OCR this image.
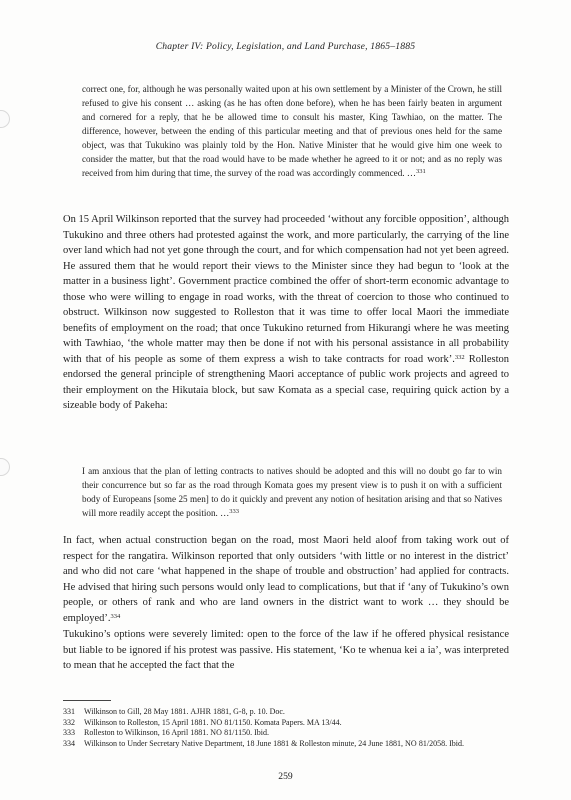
Chapter IV: Policy, Legislation, and Land Purchase, 1865–1885

correct one, for, although he was personally waited upon at his own settlement by a Minister of the Crown, he still refused to give his consent … asking (as he has often done before), when he has been fairly beaten in argument and cornered for a reply, that he be allowed time to consult his master, King Tawhiao, on the matter. The difference, however, between the ending of this particular meeting and that of previous ones held for the same object, was that Tukukino was plainly told by the Hon. Native Minister that he would give him one week to consider the matter, but that the road would have to be made whether he agreed to it or not; and as no reply was received from him during that time, the survey of the road was accordingly commenced. …$^{331}$

On 15 April Wilkinson reported that the survey had proceeded ‘without any forcible opposition’, although Tukukino and three others had protested against the work, and more particularly, the carrying of the line over land which had not yet gone through the court, and for which compensation had not yet been agreed. He assured them that he would report their views to the Minister since they had begun to ‘look at the matter in a business light’. Government practice combined the offer of short-term economic advantage to those who were willing to engage in road works, with the threat of coercion to those who continued to obstruct. Wilkinson now suggested to Rolleston that it was time to offer local Maori the immediate benefits of employment on the road; that once Tukukino returned from Hikurangi where he was meeting with Tawhiao, ‘the whole matter may then be done if not with his personal assistance in all probability with that of his people as some of them express a wish to take contracts for road work’.$^{332}$ Rolleston endorsed the general principle of strengthening Maori acceptance of public work projects and agreed to their employment on the Hikutaia block, but saw Komata as a special case, requiring quick action by a sizeable body of Pakeha:

I am anxious that the plan of letting contracts to natives should be adopted and this will no doubt go far to win their concurrence but so far as the road through Komata goes my present view is to push it on with a sufficient body of Europeans [some 25 men] to do it quickly and prevent any notion of hesitation arising and that so Natives will more readily accept the position. …$^{333}$

In fact, when actual construction began on the road, most Maori held aloof from taking work out of respect for the rangatira. Wilkinson reported that only outsiders ‘with little or no interest in the district’ and who did not care ‘what happened in the shape of trouble and obstruction’ had applied for contracts. He advised that hiring such persons would only lead to complications, but that if ‘any of Tukukino’s own people, or others of rank and who are land owners in the district want to work … they should be employed’.$^{334}$

Tukukino’s options were severely limited: open to the force of the law if he offered physical resistance but liable to be ignored if his protest was passive. His statement, ‘Ko te whenua kei a ia’, was interpreted to mean that he accepted the fact that the

331	Wilkinson to Gill, 28 May 1881. AJHR 1881, G-8, p. 10. Doc.
332	Wilkinson to Rolleston, 15 April 1881. NO 81/1150. Komata Papers. MA 13/44.
333	Rolleston to Wilkinson, 16 April 1881. NO 81/1150. Ibid.
334	Wilkinson to Under Secretary Native Department, 18 June 1881 & Rolleston minute, 24 June 1881, NO 81/2058. Ibid.
259
